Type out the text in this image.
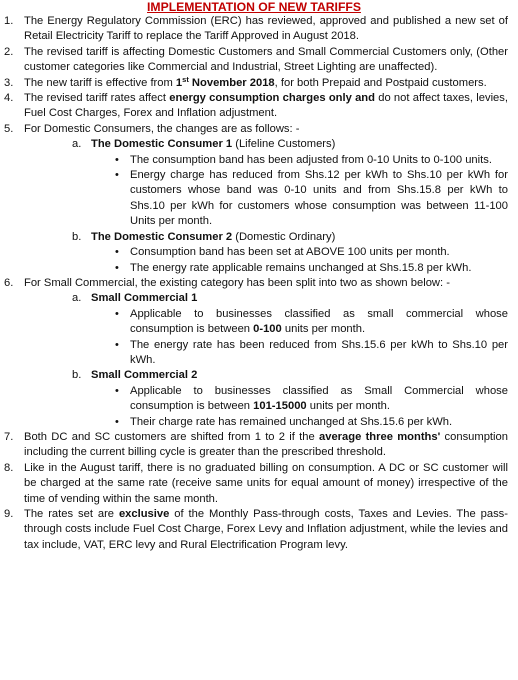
IMPLEMENTATION OF NEW TARIFFS
1. The Energy Regulatory Commission (ERC) has reviewed, approved and published a new set of Retail Electricity Tariff to replace the Tariff Approved in August 2018.
2. The revised tariff is affecting Domestic Customers and Small Commercial Customers only, (Other customer categories like Commercial and Industrial, Street Lighting are unaffected).
3. The new tariff is effective from 1st November 2018, for both Prepaid and Postpaid customers.
4. The revised tariff rates affect energy consumption charges only and do not affect taxes, levies, Fuel Cost Charges, Forex and Inflation adjustment.
5. For Domestic Consumers, the changes are as follows: -
a. The Domestic Consumer 1 (Lifeline Customers)
• The consumption band has been adjusted from 0-10 Units to 0-100 units.
• Energy charge has reduced from Shs.12 per kWh to Shs.10 per kWh for customers whose band was 0-10 units and from Shs.15.8 per kWh to Shs.10 per kWh for customers whose consumption was between 11-100 Units per month.
b. The Domestic Consumer 2 (Domestic Ordinary)
• Consumption band has been set at ABOVE 100 units per month.
• The energy rate applicable remains unchanged at Shs.15.8 per kWh.
6. For Small Commercial, the existing category has been split into two as shown below: -
a. Small Commercial 1
• Applicable to businesses classified as small commercial whose consumption is between 0-100 units per month.
• The energy rate has been reduced from Shs.15.6 per kWh to Shs.10 per kWh.
b. Small Commercial 2
• Applicable to businesses classified as Small Commercial whose consumption is between 101-15000 units per month.
• Their charge rate has remained unchanged at Shs.15.6 per kWh.
7. Both DC and SC customers are shifted from 1 to 2 if the average three months' consumption including the current billing cycle is greater than the prescribed threshold.
8. Like in the August tariff, there is no graduated billing on consumption. A DC or SC customer will be charged at the same rate (receive same units for equal amount of money) irrespective of the time of vending within the same month.
9. The rates set are exclusive of the Monthly Pass-through costs, Taxes and Levies. The pass-through costs include Fuel Cost Charge, Forex Levy and Inflation adjustment, while the levies and tax include, VAT, ERC levy and Rural Electrification Program levy.
